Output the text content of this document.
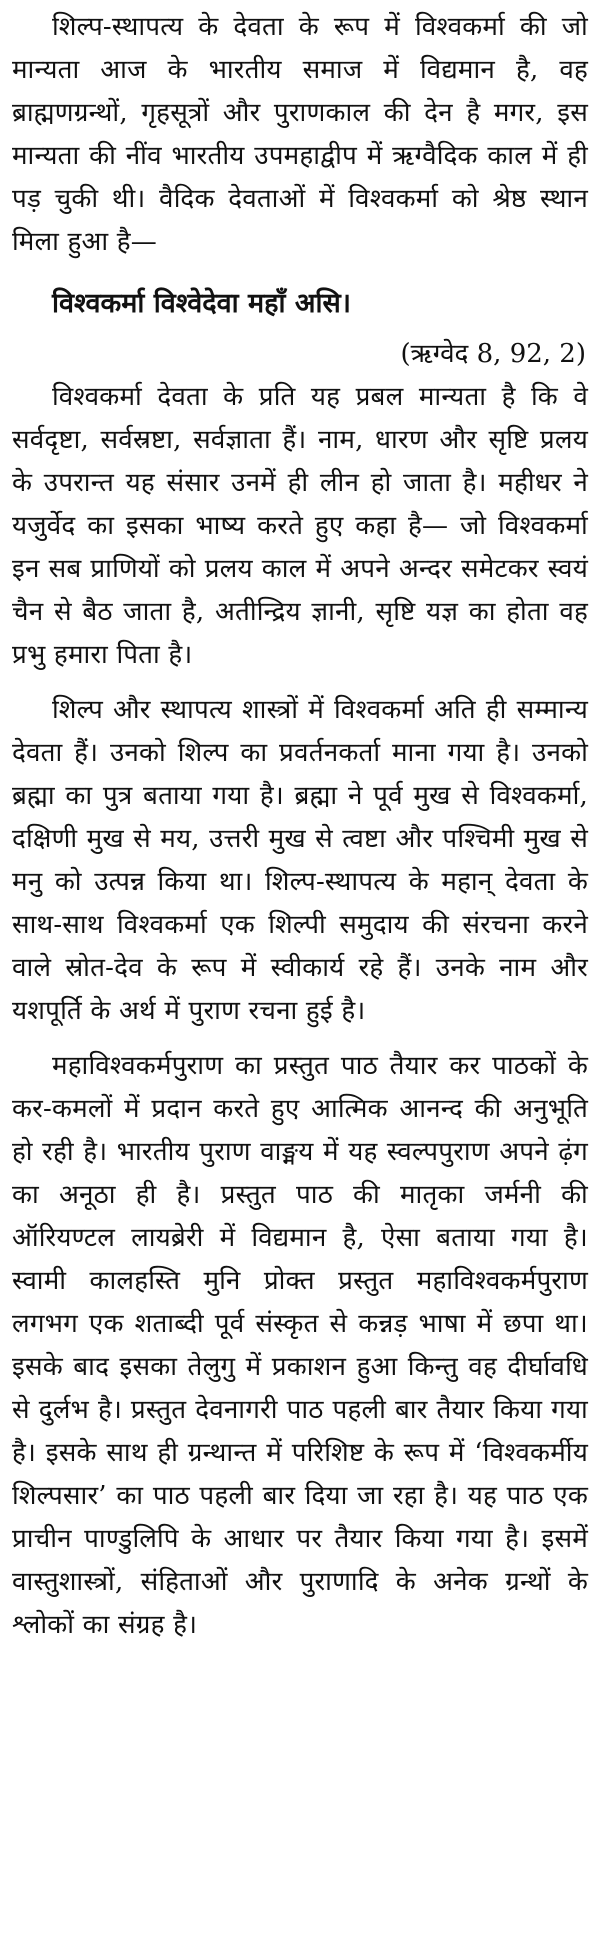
शिल्प-स्थापत्य के देवता के रूप में विश्वकर्मा की जो मान्यता आज के भारतीय समाज में विद्यमान है, वह ब्राह्मणग्रन्थों, गृहसूत्रों और पुराणकाल की देन है मगर, इस मान्यता की नींव भारतीय उपमहाद्वीप में ऋग्वैदिक काल में ही पड़ चुकी थी। वैदिक देवताओं में विश्वकर्मा को श्रेष्ठ स्थान मिला हुआ है—

विश्वकर्मा विश्वेदेवा महाँ असि।

(ऋग्वेद 8, 92, 2)

विश्वकर्मा देवता के प्रति यह प्रबल मान्यता है कि वे सर्वदृष्टा, सर्वस्रष्टा, सर्वज्ञाता हैं। नाम, धारण और सृष्टि प्रलय के उपरान्त यह संसार उनमें ही लीन हो जाता है। महीधर ने यजुर्वेद का इसका भाष्य करते हुए कहा है— जो विश्वकर्मा इन सब प्राणियों को प्रलय काल में अपने अन्दर समेटकर स्वयं चैन से बैठ जाता है, अतीन्द्रिय ज्ञानी, सृष्टि यज्ञ का होता वह प्रभु हमारा पिता है।

शिल्प और स्थापत्य शास्त्रों में विश्वकर्मा अति ही सम्मान्य देवता हैं। उनको शिल्प का प्रवर्तनकर्ता माना गया है। उनको ब्रह्मा का पुत्र बताया गया है। ब्रह्मा ने पूर्व मुख से विश्वकर्मा, दक्षिणी मुख से मय, उत्तरी मुख से त्वष्टा और पश्चिमी मुख से मनु को उत्पन्न किया था। शिल्प-स्थापत्य के महान् देवता के साथ-साथ विश्वकर्मा एक शिल्पी समुदाय की संरचना करने वाले स्रोत-देव के रूप में स्वीकार्य रहे हैं। उनके नाम और यशपूर्ति के अर्थ में पुराण रचना हुई है।

महाविश्वकर्मपुराण का प्रस्तुत पाठ तैयार कर पाठकों के कर-कमलों में प्रदान करते हुए आत्मिक आनन्द की अनुभूति हो रही है। भारतीय पुराण वाङ्मय में यह स्वल्पपुराण अपने ढ़ंग का अनूठा ही है। प्रस्तुत पाठ की मातृका जर्मनी की ऑरियण्टल लायब्रेरी में विद्यमान है, ऐसा बताया गया है। स्वामी कालहस्ति मुनि प्रोक्त प्रस्तुत महाविश्वकर्मपुराण लगभग एक शताब्दी पूर्व संस्कृत से कन्नड़ भाषा में छपा था। इसके बाद इसका तेलुगु में प्रकाशन हुआ किन्तु वह दीर्घावधि से दुर्लभ है। प्रस्तुत देवनागरी पाठ पहली बार तैयार किया गया है। इसके साथ ही ग्रन्थान्त में परिशिष्ट के रूप में ‘विश्वकर्मीय शिल्पसार’ का पाठ पहली बार दिया जा रहा है। यह पाठ एक प्राचीन पाण्डुलिपि के आधार पर तैयार किया गया है। इसमें वास्तुशास्त्रों, संहिताओं और पुराणादि के अनेक ग्रन्थों के श्लोकों का संग्रह है।
